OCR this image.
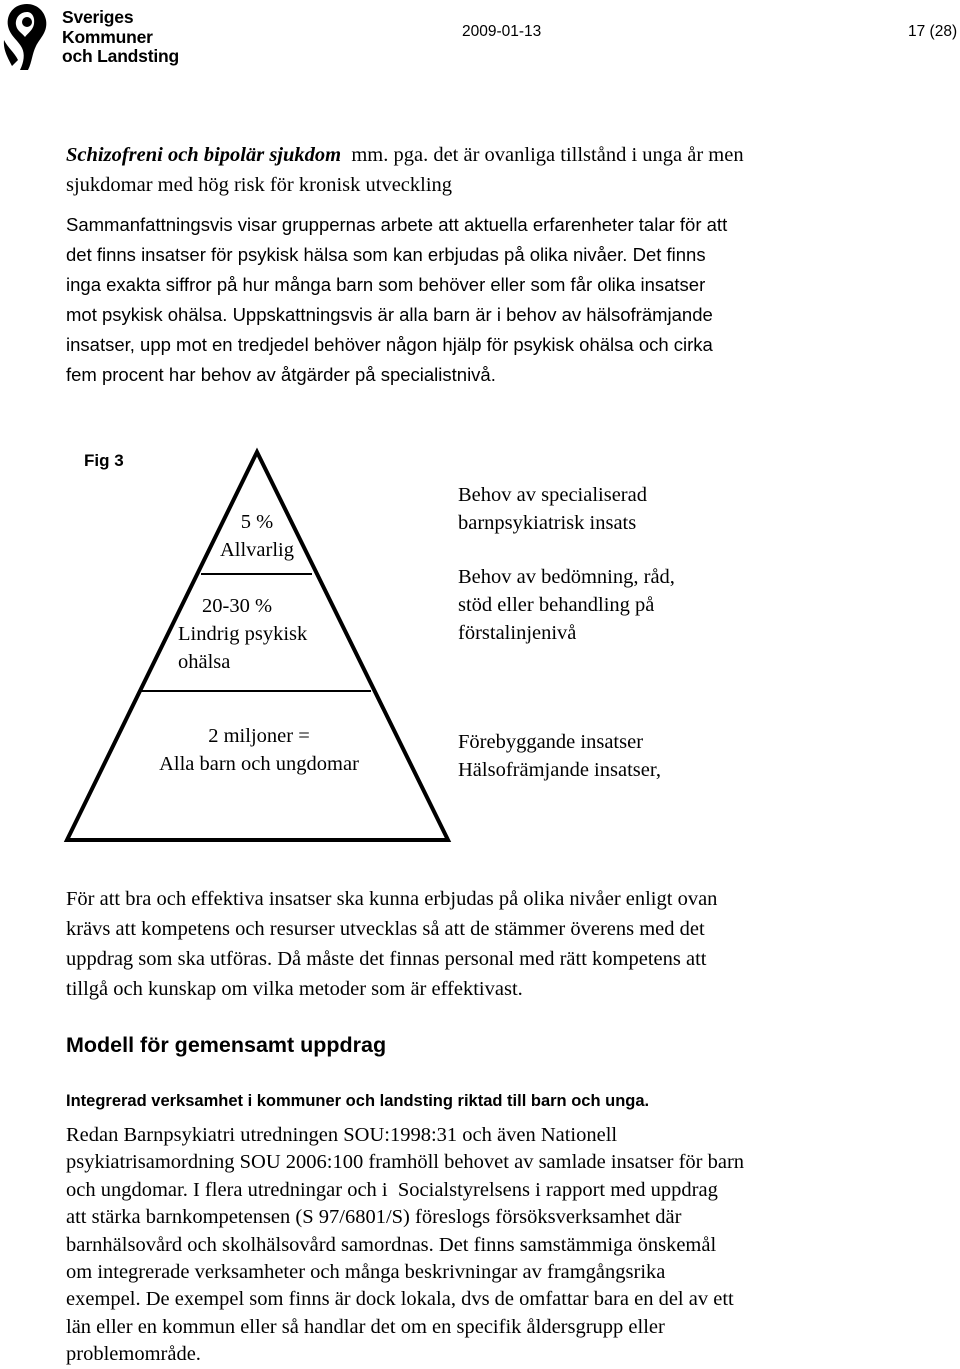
Sveriges
Kommuner
och Landsting
2009-01-13	17 (28)
Schizofreni och bipolär sjukdom  mm. pga. det är ovanliga tillstånd i unga år men
sjukdomar med hög risk för kronisk utveckling
Sammanfattningsvis visar gruppernas arbete att aktuella erfarenheter talar för att
det finns insatser för psykisk hälsa som kan erbjudas på olika nivåer. Det finns
inga exakta siffror på hur många barn som behöver eller som får olika insatser
mot psykisk ohälsa. Uppskattningsvis är alla barn är i behov av hälsofrämjande
insatser, upp mot en tredjedel behöver någon hjälp för psykisk ohälsa och cirka
fem procent har behov av åtgärder på specialistnivå.
Fig 3
5 %
Allvarlig
20-30 %
Lindrig psykisk
ohälsa
2 miljoner =
Alla barn och ungdomar
Behov av specialiserad
barnpsykiatrisk insats
Behov av bedömning, råd,
stöd eller behandling på
förstalinjenivå
Förebyggande insatser
Hälsofrämjande insatser,
För att bra och effektiva insatser ska kunna erbjudas på olika nivåer enligt ovan
krävs att kompetens och resurser utvecklas så att de stämmer överens med det
uppdrag som ska utföras. Då måste det finnas personal med rätt kompetens att
tillgå och kunskap om vilka metoder som är effektivast.
Modell för gemensamt uppdrag
Integrerad verksamhet i kommuner och landsting riktad till barn och unga.
Redan Barnpsykiatri utredningen SOU:1998:31 och även Nationell
psykiatrisamordning SOU 2006:100 framhöll behovet av samlade insatser för barn
och ungdomar. I flera utredningar och i  Socialstyrelsens i rapport med uppdrag
att stärka barnkompetensen (S 97/6801/S) föreslogs försöksverksamhet där
barnhälsovård och skolhälsovård samordnas. Det finns samstämmiga önskemål
om integrerade verksamheter och många beskrivningar av framgångsrika
exempel. De exempel som finns är dock lokala, dvs de omfattar bara en del av ett
län eller en kommun eller så handlar det om en specifik åldersgrupp eller
problemområde.
